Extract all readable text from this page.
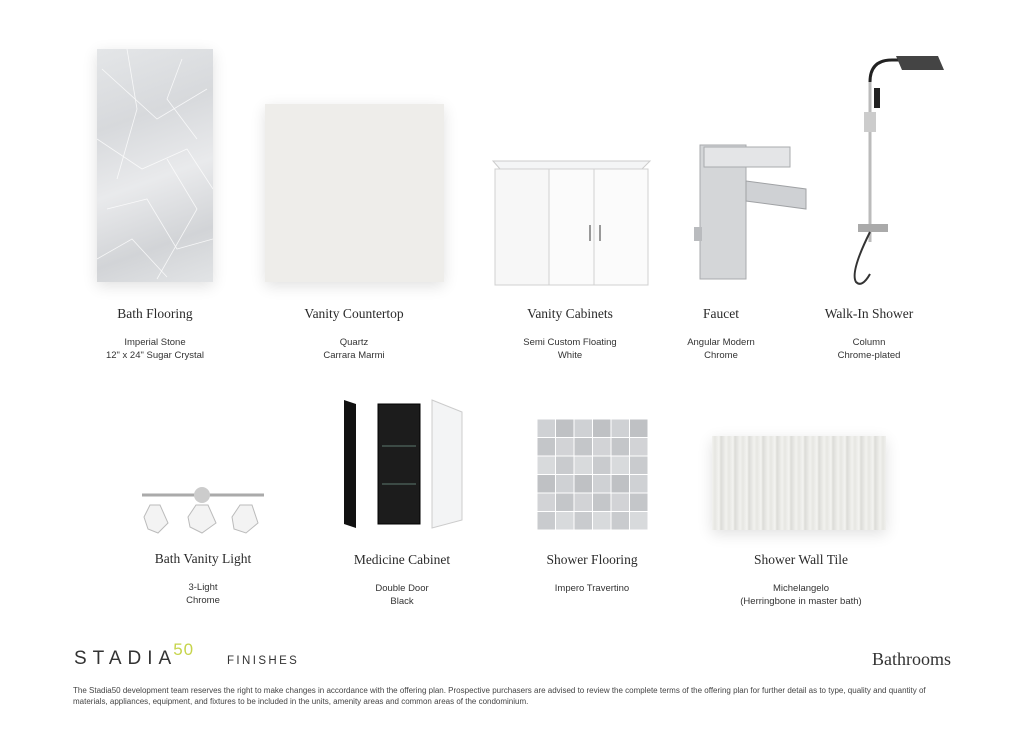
Bath Flooring
Imperial Stone
12" x 24" Sugar Crystal
Vanity Countertop
Quartz
Carrara Marmi
Vanity Cabinets
Semi Custom Floating
White
Faucet
Angular Modern
Chrome
Walk-In Shower
Column
Chrome-plated
Bath Vanity Light
3-Light
Chrome
Medicine Cabinet
Double Door
Black
Shower Flooring
Impero Travertino
Shower Wall Tile
Michelangelo
(Herringbone in master bath)
STADIA50
FINISHES	Bathrooms
The Stadia50 development team reserves the right to make changes in accordance with the offering plan. Prospective purchasers are advised to review the complete terms of the offering plan for further detail as to type, quality and quantity of materials, appliances, equipment, and fixtures to be included in the units, amenity areas and common areas of the condominium.
